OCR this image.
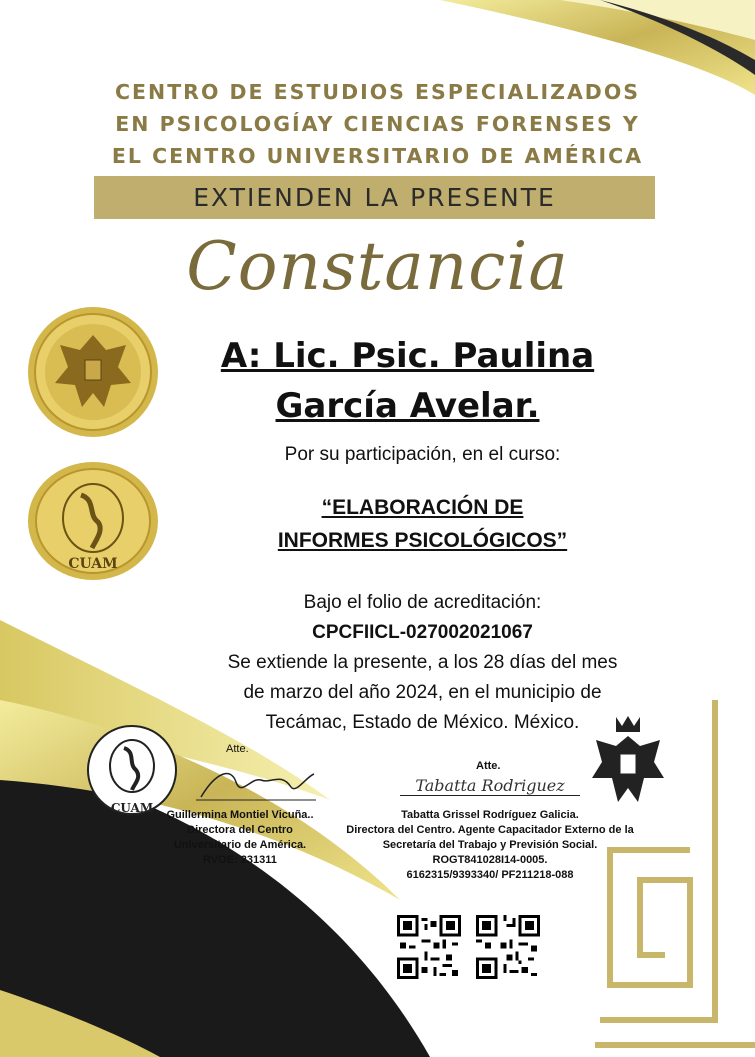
CENTRO DE ESTUDIOS ESPECIALIZADOS
EN PSICOLOGÍAY CIENCIAS FORENSES Y
EL CENTRO UNIVERSITARIO DE AMÉRICA
EXTIENDEN LA PRESENTE
Constancia
CUAM
A: Lic. Psic. Paulina
García Avelar.
Por su participación, en el curso:
“ELABORACIÓN DE
INFORMES PSICOLÓGICOS”
Bajo el folio de acreditación:
CPCFIICL-027002021067
Se extiende la presente, a los 28 días del mes
de marzo del año 2024, en el municipio de
Tecámac, Estado de México. México.
CUAM
Atte.
Guillermina Montiel Vicuña..
Directora del Centro
Universitario de América.
RVOE: 231311
Atte.
Tabatta Rodriguez
Tabatta Grissel Rodríguez Galicia.
Directora del Centro. Agente Capacitador Externo de la
Secretaría del Trabajo y Previsión Social.
ROGT841028I14-0005.
6162315/9393340/ PF211218-088
